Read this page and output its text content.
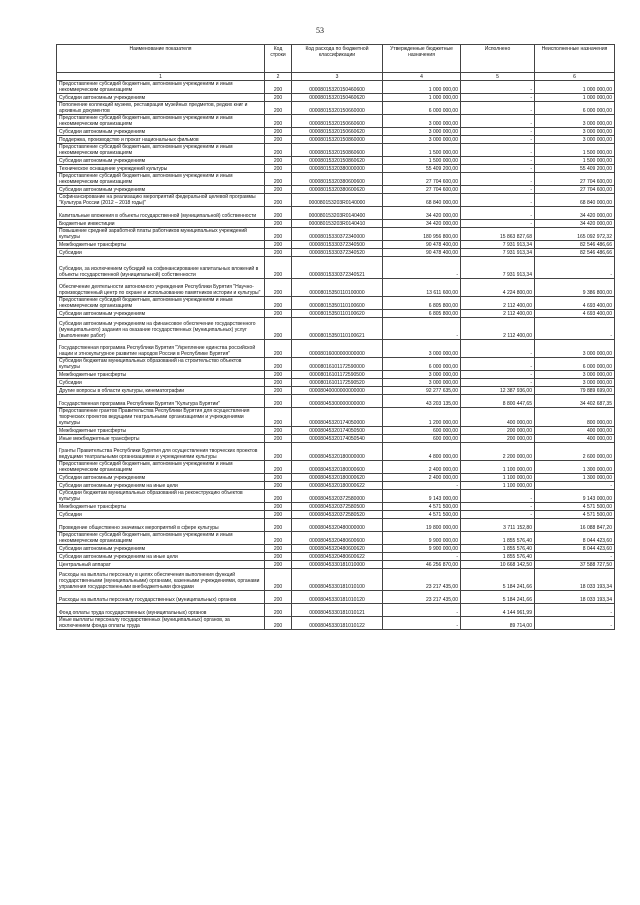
53
Наименование показателя	Код строки	Код расхода по бюджетной классификации	Утвержденные бюджетные назначения	Исполнено	Неисполненные назначения
1	2	3	4	5	6
Предоставление субсидий бюджетным, автономным учреждениям и иным некоммерческим организациям	200	00008015320150460600	1 000 000,00	-	1 000 000,00
Субсидии автономным учреждениям	200	00008015320150460620	1 000 000,00	-	1 000 000,00
Пополнение коллекций музеев, реставрация музейных предметов, редких книг и архивных документов	200	00008015320150660000	6 000 000,00	-	6 000 000,00
Предоставление субсидий бюджетным, автономным учреждениям и иным некоммерческим организациям	200	00008015320150660600	3 000 000,00	-	3 000 000,00
Субсидии автономным учреждениям	200	00008015320150660620	3 000 000,00	-	3 000 000,00
Поддержка, производство и прокат национальных фильмов	200	00008015320150860000	3 000 000,00	-	3 000 000,00
Предоставление субсидий бюджетным, автономным учреждениям и иным некоммерческим организациям	200	00008015320150860600	1 500 000,00	-	1 500 000,00
Субсидии автономным учреждениям	200	00008015320150860620	1 500 000,00	-	1 500 000,00
Техническое оснащение учреждений культуры	200	00008015320380000000	55 409 200,00	-	55 409 200,00
Предоставление субсидий бюджетным, автономным учреждениям и иным некоммерческим организациям	200	00008015320380600600	27 704 600,00	-	27 704 600,00
Субсидии автономным учреждениям	200	00008015320380600620	27 704 600,00	-	27 704 600,00
Софинансирование на реализацию мероприятий федеральной целевой программы "Культура России (2012 – 2018 годы)"	200	000080153203R0140000	68 840 000,00	-	68 840 000,00
Капитальные вложения в объекты государственной (муниципальной) собственности	200	000080153203R0140400	34 420 000,00	-	34 420 000,00
Бюджетные инвестиции	200	000080153203R0140410	34 420 000,00	-	34 420 000,00
Повышение средней заработной платы работников муниципальных учреждений культуры	200	00008015330372340000	180 956 800,00	15 863 827,68	165 092 972,32
Межбюджетные трансферты	200	00008015330372340500	90 478 400,00	7 931 913,34	82 546 486,66
Субсидии	200	00008015330372340520	90 478 400,00	7 931 913,34	82 546 486,66
Субсидии, за исключением субсидий на софинансирование капитальных вложений в объекты государственной (муниципальной) собственности	200	00008015330372340521	-	7 931 913,34	-
Обеспечение деятельности автономного учреждения Республики Бурятия "Научно-производственный центр по охране и использованию памятников истории и культуры"	200	00008015350110100000	13 611 600,00	4 224 800,00	9 386 800,00
Предоставление субсидий бюджетным, автономным учреждениям и иным некоммерческим организациям	200	00008015350110100600	6 805 800,00	2 112 400,00	4 693 400,00
Субсидии автономным учреждениям	200	00008015350110100620	6 805 800,00	2 112 400,00	4 693 400,00
Субсидии автономным учреждениям на финансовое обеспечение государственного (муниципального) задания на оказание государственных (муниципальных) услуг (выполнение работ)	200	00008015350110100621	-	2 112 400,00	-
Государственная программа Республики Бурятия "Укрепление единства российской нации и этнокультурное развитие народов России в Республике Бурятия"	200	00008016000000000000	3 000 000,00	-	3 000 000,00
Субсидии бюджетам муниципальных образований на строительство объектов культуры	200	00008016101172590000	6 000 000,00	-	6 000 000,00
Межбюджетные трансферты	200	00008016101172590500	3 000 000,00	-	3 000 000,00
Субсидии	200	00008016101172590520	3 000 000,00	-	3 000 000,00
Другие вопросы в области культуры, кинематографии	200	00008040000000000000	92 277 635,00	12 387 936,00	79 889 699,00
Государственная программа Республики Бурятия "Культура Бурятии"	200	00008045300000000000	43 203 135,00	8 800 447,65	34 402 687,35
Предоставление грантов Правительства Республики Бурятия для осуществления творческих проектов ведущими театральными организациями и учреждениями культуры	200	00008045320174050000	1 200 000,00	400 000,00	800 000,00
Межбюджетные трансферты	200	00008045320174050500	600 000,00	200 000,00	400 000,00
Иные межбюджетные трансферты	200	00008045320174050540	600 000,00	200 000,00	400 000,00
Гранты Правительства Республики Бурятия для осуществления творческих проектов ведущими театральными организациями и учреждениями культуры	200	00008045320180000000	4 800 000,00	2 200 000,00	2 600 000,00
Предоставление субсидий бюджетным, автономным учреждениям и иным некоммерческим организациям	200	00008045320180000600	2 400 000,00	1 100 000,00	1 300 000,00
Субсидии автономным учреждениям	200	00008045320180000620	2 400 000,00	1 100 000,00	1 300 000,00
Субсидии автономным учреждениям на иные цели	200	00008045320180000622	-	1 100 000,00	-
Субсидии бюджетам муниципальных образований на реконструкцию объектов культуры	200	00008045320372580000	9 143 000,00	-	9 143 000,00
Межбюджетные трансферты	200	00008045320372580500	4 571 500,00	-	4 571 500,00
Субсидии	200	00008045320372580520	4 571 500,00	-	4 571 500,00
Проведение общественно значимых мероприятий в сфере культуры	200	00008045320480000000	19 800 000,00	3 711 152,80	16 088 847,20
Предоставление субсидий бюджетным, автономным учреждениям и иным некоммерческим организациям	200	00008045320480600600	9 900 000,00	1 855 576,40	8 044 423,60
Субсидии автономным учреждениям	200	00008045320480600620	9 900 000,00	1 855 576,40	8 044 423,60
Субсидии автономным учреждениям на иные цели	200	00008045320480600622	-	1 855 576,40	-
Центральный аппарат	200	00008045330181010000	46 256 870,00	10 668 142,50	37 588 727,50
Расходы на выплаты персоналу в целях обеспечения выполнения функций государственными (муниципальными) органами, казенными учреждениями, органами управления государственными внебюджетными фондами	200	00008045330181010100	23 217 435,00	5 184 241,66	18 033 193,34
Расходы на выплаты персоналу государственных (муниципальных) органов	200	00008045330181010120	23 217 435,00	5 184 241,66	18 033 193,34
Фонд оплаты труда государственных (муниципальных) органов	200	00008045330181010121	-	4 144 961,99	-
Иные выплаты персоналу государственных (муниципальных) органов, за исключением фонда оплаты труда	200	00008045330181010122	-	89 714,00	-
